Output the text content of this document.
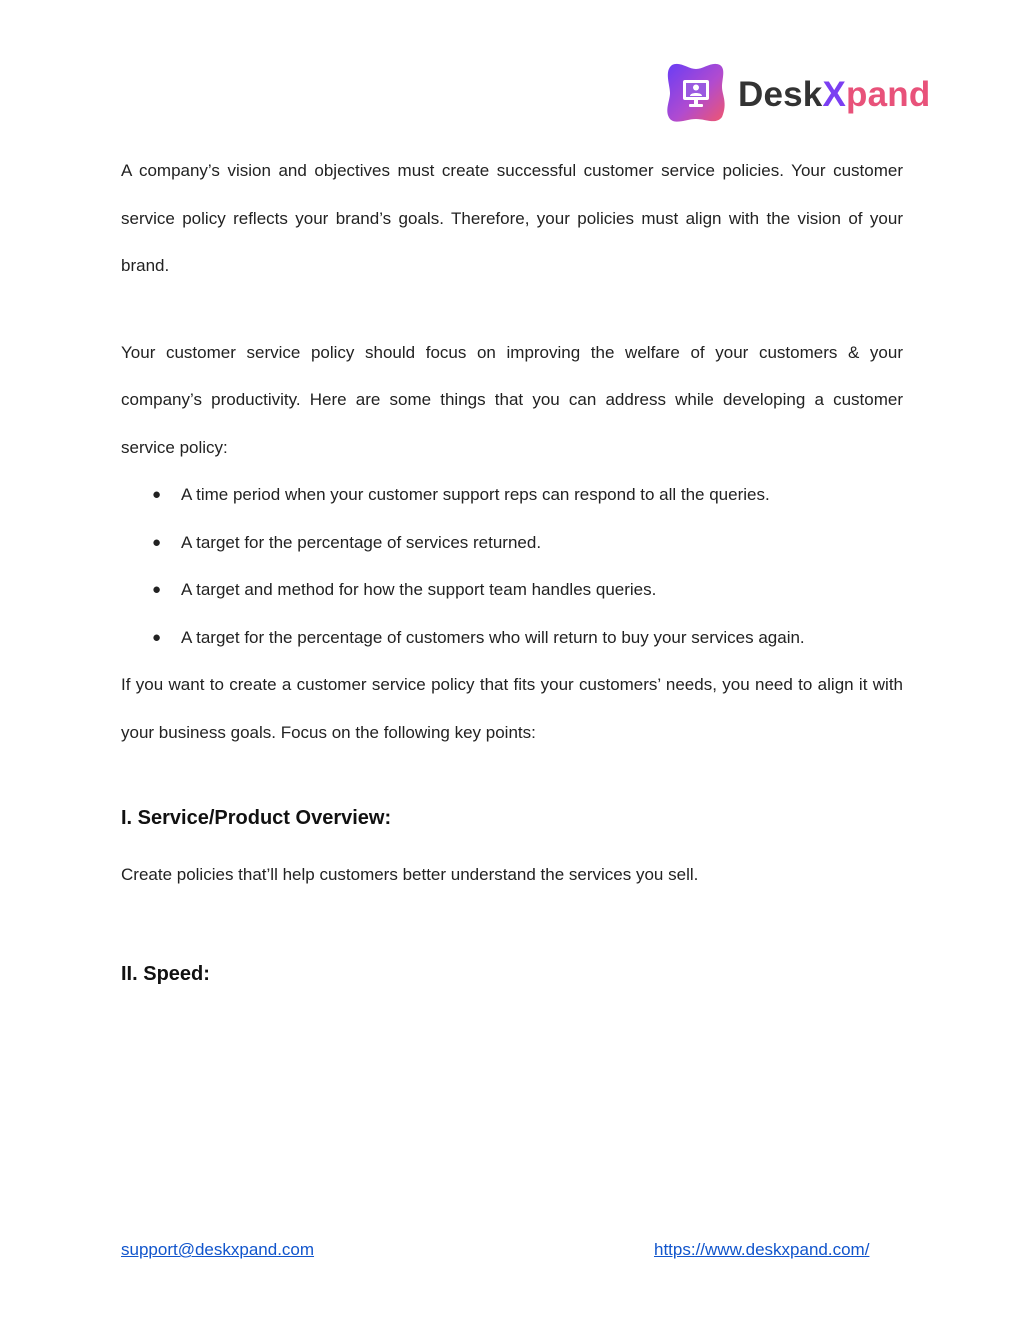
DeskXpand

A company’s vision and objectives must create successful customer service policies. Your customer service policy reflects your brand’s goals. Therefore, your policies must align with the vision of your brand.

Your customer service policy should focus on improving the welfare of your customers & your company’s productivity. Here are some things that you can address while developing a customer service policy:

● A time period when your customer support reps can respond to all the queries.
● A target for the percentage of services returned.
● A target and method for how the support team handles queries.
● A target for the percentage of customers who will return to buy your services again.

If you want to create a customer service policy that fits your customers’ needs, you need to align it with your business goals. Focus on the following key points:

I. Service/Product Overview:

Create policies that’ll help customers better understand the services you sell.

II. Speed:
support@deskxpand.com	https://www.deskxpand.com/
